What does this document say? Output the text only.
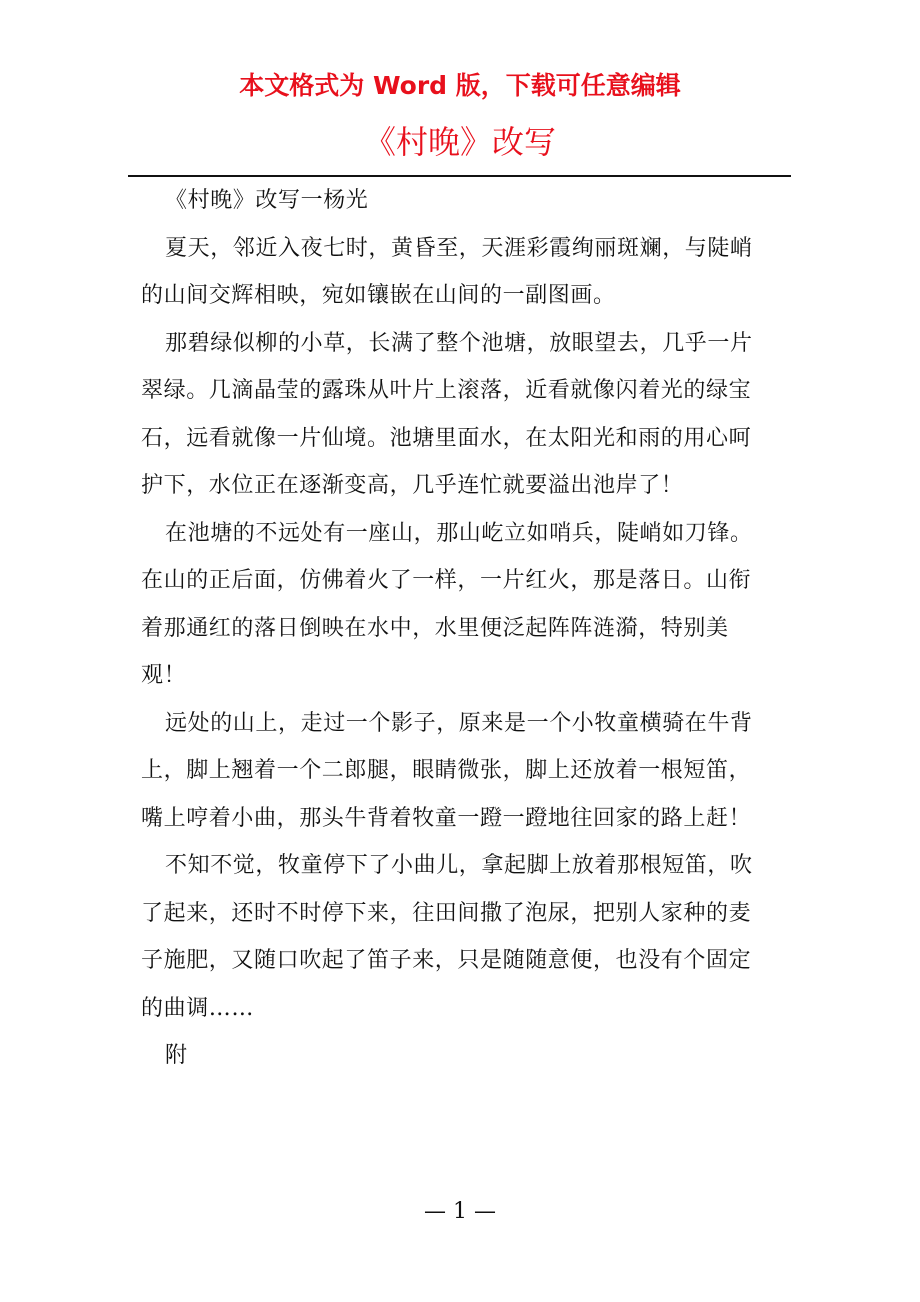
本文格式为 Word 版，下载可任意编辑
《村晚》改写

《村晚》改写一杨光

夏天，邻近入夜七时，黄昏至，天涯彩霞绚丽斑斓，与陡峭的山间交辉相映，宛如镶嵌在山间的一副图画。

那碧绿似柳的小草，长满了整个池塘，放眼望去，几乎一片翠绿。几滴晶莹的露珠从叶片上滚落，近看就像闪着光的绿宝石，远看就像一片仙境。池塘里面水，在太阳光和雨的用心呵护下，水位正在逐渐变高，几乎连忙就要溢出池岸了！

在池塘的不远处有一座山，那山屹立如哨兵，陡峭如刀锋。在山的正后面，仿佛着火了一样，一片红火，那是落日。山衔着那通红的落日倒映在水中，水里便泛起阵阵涟漪，特别美观！

远处的山上，走过一个影子，原来是一个小牧童横骑在牛背上，脚上翘着一个二郎腿，眼睛微张，脚上还放着一根短笛，嘴上哼着小曲，那头牛背着牧童一蹬一蹬地往回家的路上赶！

不知不觉，牧童停下了小曲儿，拿起脚上放着那根短笛，吹了起来，还时不时停下来，往田间撒了泡尿，把别人家种的麦子施肥，又随口吹起了笛子来，只是随随意便，也没有个固定的曲调……

附

— 1 —
